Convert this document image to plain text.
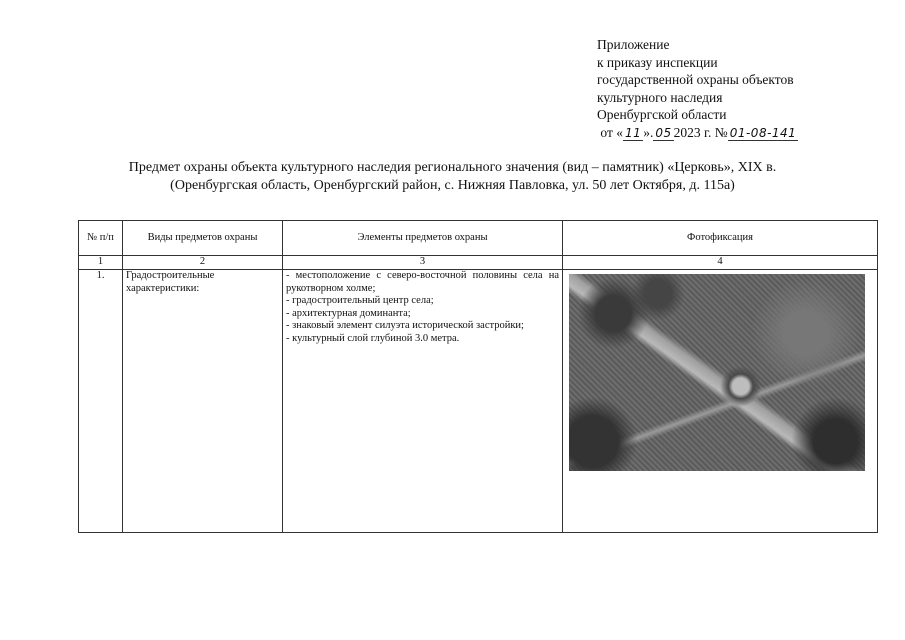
Приложение
к приказу инспекции
государственной охраны объектов
культурного наследия
Оренбургской области
от « 11 ». 05 2023 г. № 01-08-141
Предмет охраны объекта культурного наследия регионального значения (вид – памятник) «Церковь», XIX в.
(Оренбургская область, Оренбургский район, с. Нижняя Павловка, ул. 50 лет Октября, д. 115а)
№ п/п	Виды предметов охраны	Элементы предметов охраны	Фотофиксация
1	2	3	4
1.	Градостроительные характеристики:	- местоположение с северо-восточной половины села на рукотворном холме;
- градостроительный центр села;
- архитектурная доминанта;
- знаковый элемент силуэта исторической застройки;
- культурный слой глубиной 3.0 метра.	
